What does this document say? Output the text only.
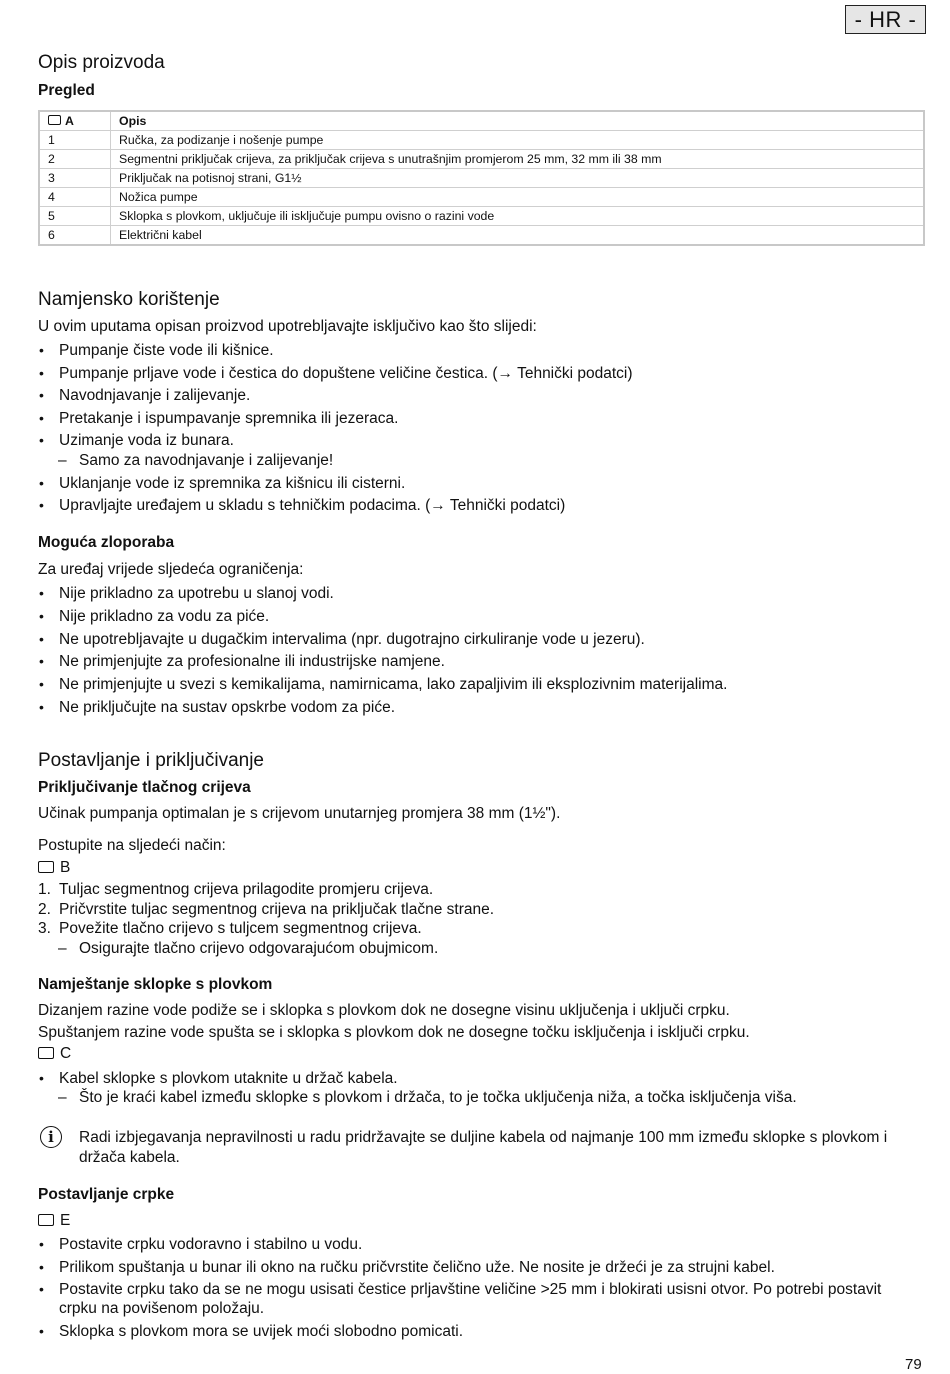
- HR -
Opis proizvoda
Pregled
A	Opis
1	Ručka, za podizanje i nošenje pumpe
2	Segmentni priključak crijeva, za priključak crijeva s unutrašnjim promjerom 25 mm, 32 mm ili 38 mm
3	Priključak na potisnoj strani, G1½
4	Nožica pumpe
5	Sklopka s plovkom, uključuje ili isključuje pumpu ovisno o razini vode
6	Električni kabel
Namjensko korištenje

U ovim uputama opisan proizvod upotrebljavajte isključivo kao što slijedi:

• Pumpanje čiste vode ili kišnice.
• Pumpanje prljave vode i čestica do dopuštene veličine čestica. (→ Tehnički podatci)
• Navodnjavanje i zalijevanje.
• Pretakanje i ispumpavanje spremnika ili jezeraca.
• Uzimanje voda iz bunara.
– Samo za navodnjavanje i zalijevanje!
• Uklanjanje vode iz spremnika za kišnicu ili cisterni.
• Upravljajte uređajem u skladu s tehničkim podacima. (→ Tehnički podatci)
Moguća zloporaba

Za uređaj vrijede sljedeća ograničenja:

• Nije prikladno za upotrebu u slanoj vodi.
• Nije prikladno za vodu za piće.
• Ne upotrebljavajte u dugačkim intervalima (npr. dugotrajno cirkuliranje vode u jezeru).
• Ne primjenjujte za profesionalne ili industrijske namjene.
• Ne primjenjujte u svezi s kemikalijama, namirnicama, lako zapaljivim ili eksplozivnim materijalima.
• Ne priključujte na sustav opskrbe vodom za piće.
Postavljanje i priključivanje
Priključivanje tlačnog crijeva

Učinak pumpanja optimalan je s crijevom unutarnjeg promjera 38 mm (1½").

Postupite na sljedeći način:

B
1. Tuljac segmentnog crijeva prilagodite promjeru crijeva.
2. Pričvrstite tuljac segmentnog crijeva na priključak tlačne strane.
3. Povežite tlačno crijevo s tuljcem segmentnog crijeva.
– Osigurajte tlačno crijevo odgovarajućom obujmicom.
Namještanje sklopke s plovkom

Dizanjem razine vode podiže se i sklopka s plovkom dok ne dosegne visinu uključenja i uključi crpku.

Spuštanjem razine vode spušta se i sklopka s plovkom dok ne dosegne točku isključenja i isključi crpku.

C
• Kabel sklopke s plovkom utaknite u držač kabela.
– Što je kraći kabel između sklopke s plovkom i držača, to je točka uključenja niža, a točka isključenja viša.
i	Radi izbjegavanja nepravilnosti u radu pridržavajte se duljine kabela od najmanje 100 mm između sklopke s plovkom i držača kabela.

Postavljanje crpke
E
• Postavite crpku vodoravno i stabilno u vodu.
• Prilikom spuštanja u bunar ili okno na ručku pričvrstite čelično uže. Ne nosite je držeći je za strujni kabel.
• Postavite crpku tako da se ne mogu usisati čestice prljavštine veličine >25 mm i blokirati usisni otvor. Po potrebi postavit crpku na povišenom položaju.
• Sklopka s plovkom mora se uvijek moći slobodno pomicati.
79
